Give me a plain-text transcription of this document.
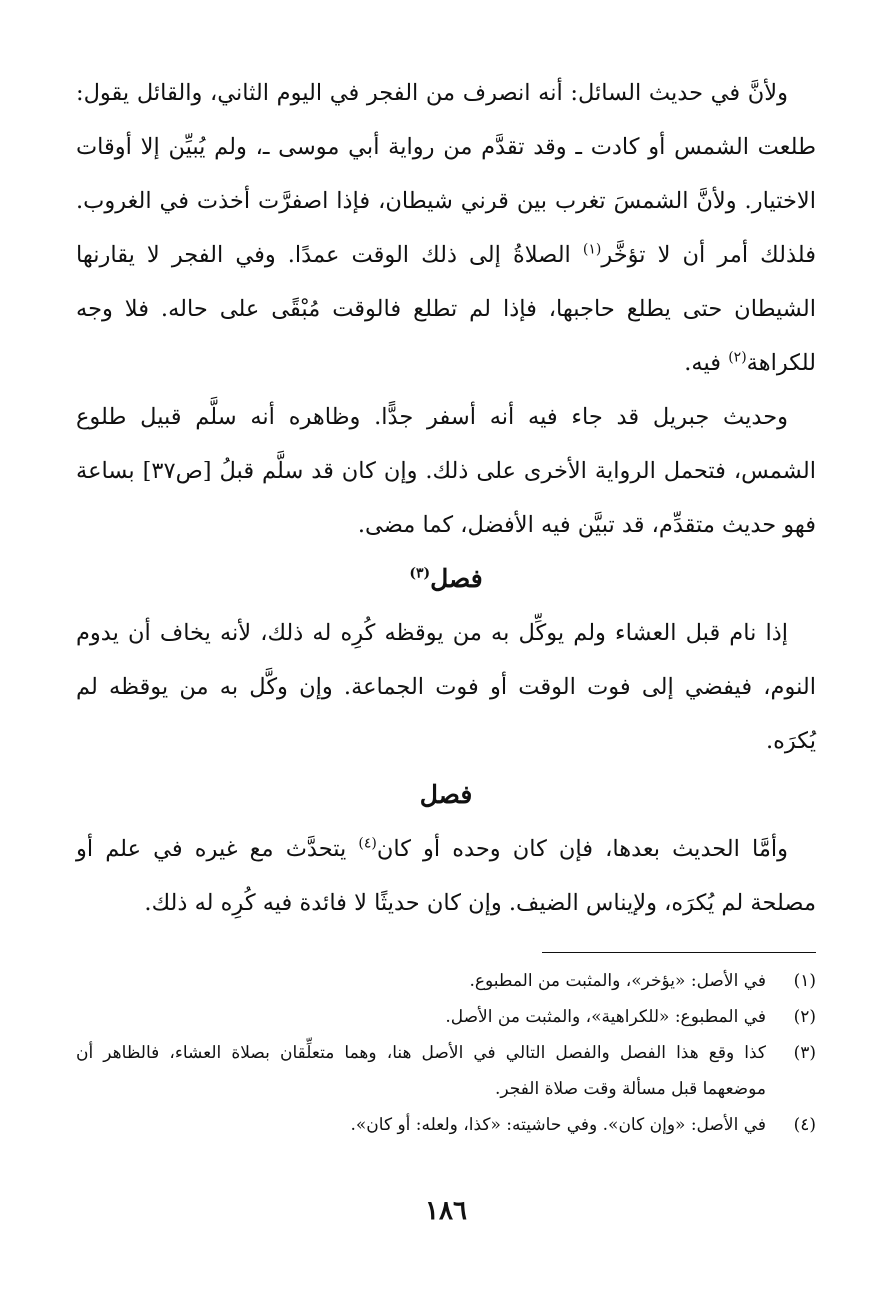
ولأنَّ في حديث السائل: أنه انصرف من الفجر في اليوم الثاني، والقائل يقول: طلعت الشمس أو كادت ـ وقد تقدَّم من رواية أبي موسى ـ، ولم يُبيِّن إلا أوقات الاختيار. ولأنَّ الشمسَ تغرب بين قرني شيطان، فإذا اصفرَّت أخذت في الغروب. فلذلك أمر أن لا تؤخَّر$^{(١)}$ الصلاةُ إلى ذلك الوقت عمدًا. وفي الفجر لا يقارنها الشيطان حتى يطلع حاجبها، فإذا لم تطلع فالوقت مُبْقًى على حاله. فلا وجه للكراهة$^{(٢)}$ فيه.

وحديث جبريل قد جاء فيه أنه أسفر جدًّا. وظاهره أنه سلَّم قبيل طلوع الشمس، فتحمل الرواية الأخرى على ذلك. وإن كان قد سلَّم قبلُ [ص٣٧] بساعة فهو حديث متقدِّم، قد تبيَّن فيه الأفضل، كما مضى.

فصل$^{(٣)}$

إذا نام قبل العشاء ولم يوكِّل به من يوقظه كُرِه له ذلك، لأنه يخاف أن يدوم النوم، فيفضي إلى فوت الوقت أو فوت الجماعة. وإن وكَّل به من يوقظه لم يُكرَه.

فصل

وأمَّا الحديث بعدها، فإن كان وحده أو كان$^{(٤)}$ يتحدَّث مع غيره في علم أو مصلحة لم يُكرَه، ولإيناس الضيف. وإن كان حديثًا لا فائدة فيه كُرِه له ذلك.

(١)
في الأصل: «يؤخر»، والمثبت من المطبوع.
(٢)
في المطبوع: «للكراهية»، والمثبت من الأصل.
(٣)
كذا وقع هذا الفصل والفصل التالي في الأصل هنا، وهما متعلِّقان بصلاة العشاء، فالظاهر أن موضعهما قبل مسألة وقت صلاة الفجر.
(٤)
في الأصل: «وإن كان». وفي حاشيته: «كذا، ولعله: أو كان».
١٨٦
